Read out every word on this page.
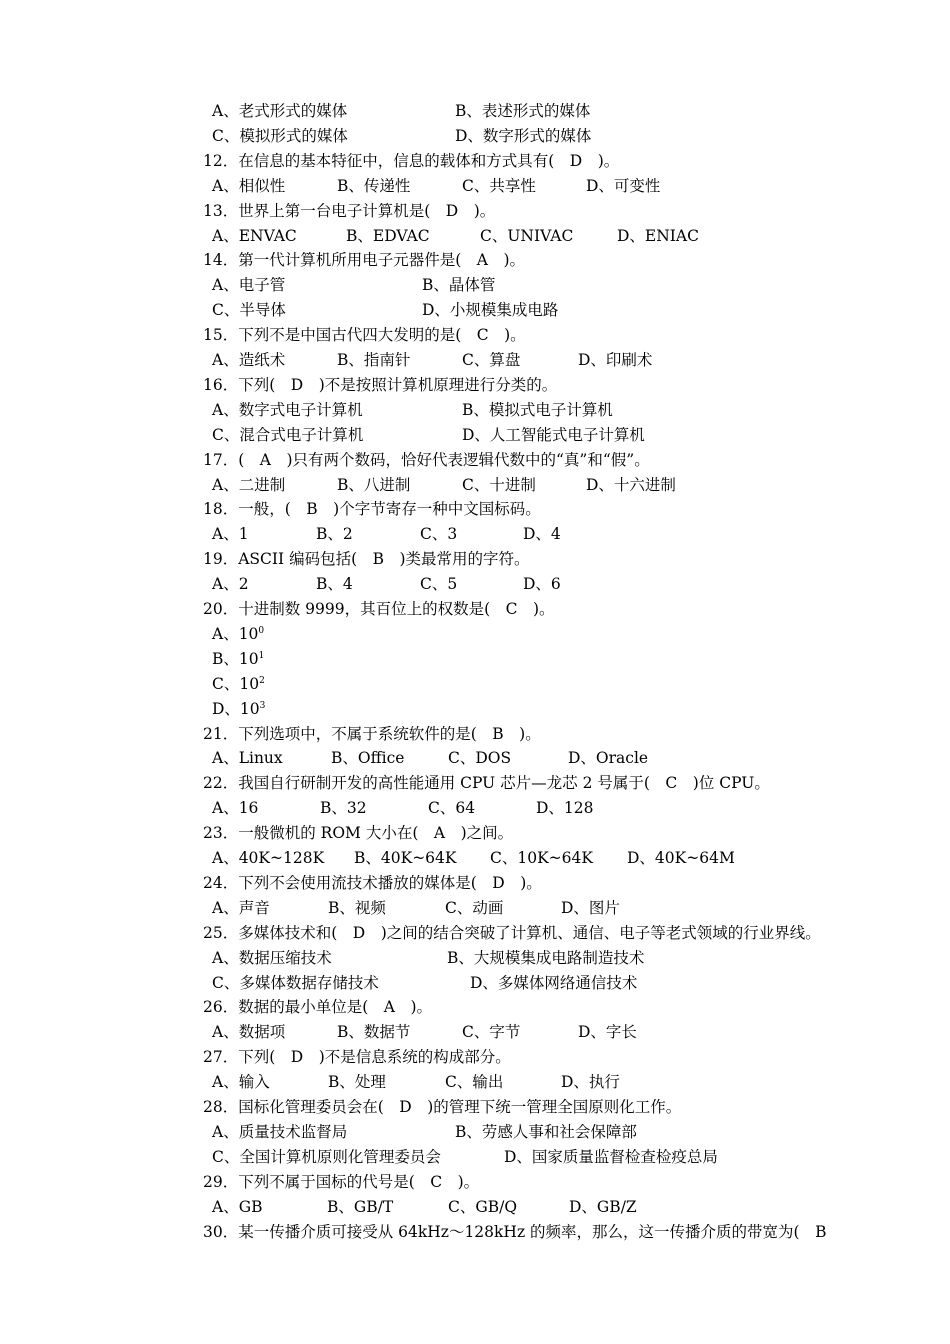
A、老式形式的媒体	B、表述形式的媒体
C、模拟形式的媒体	D、数字形式的媒体
12．在信息的基本特征中，信息的载体和方式具有(　D　)。
A、相似性	B、传递性	C、共享性	D、可变性
13．世界上第一台电子计算机是(　D　)。
A、ENVAC	B、EDVAC	C、UNIVAC	D、ENIAC
14．第一代计算机所用电子元器件是(　A　)。
A、电子管	B、晶体管
C、半导体	D、小规模集成电路
15．下列不是中国古代四大发明的是(　C　)。
A、造纸术	B、指南针	C、算盘	D、印刷术
16．下列(　D　)不是按照计算机原理进行分类的。
A、数字式电子计算机	B、模拟式电子计算机
C、混合式电子计算机	D、人工智能式电子计算机
17．(　A　)只有两个数码，恰好代表逻辑代数中的“真”和“假”。
A、二进制	B、八进制	C、十进制	D、十六进制
18．一般，(　B　)个字节寄存一种中文国标码。
A、1	B、2	C、3	D、4
19．ASCII 编码包括(　B　)类最常用的字符。
A、2	B、4	C、5	D、6
20．十进制数 9999，其百位上的权数是(　C　)。
A、$10^0$
B、$10^1$
C、$10^2$
D、$10^3$
21．下列选项中，不属于系统软件的是(　B　)。
A、Linux	B、Office	C、DOS	D、Oracle
22．我国自行研制开发的高性能通用 CPU 芯片—龙芯 2 号属于(　C　)位 CPU。
A、16	B、32	C、64	D、128
23．一般微机的 ROM 大小在(　A　)之间。
A、40K~128K B、40K~64K C、10K~64K D、40K~64M
24．下列不会使用流技术播放的媒体是(　D　)。
A、声音	B、视频	C、动画	D、图片
25．多媒体技术和(　D　)之间的结合突破了计算机、通信、电子等老式领域的行业界线。
A、数据压缩技术	B、大规模集成电路制造技术
C、多媒体数据存储技术	D、多媒体网络通信技术
26．数据的最小单位是(　A　)。
A、数据项	B、数据节	C、字节	D、字长
27．下列(　D　)不是信息系统的构成部分。
A、输入	B、处理	C、输出	D、执行
28．国标化管理委员会在(　D　)的管理下统一管理全国原则化工作。
A、质量技术监督局	B、劳感人事和社会保障部
C、全国计算机原则化管理委员会	D、国家质量监督检查检疫总局
29．下列不属于国标的代号是(　C　)。
A、GB	B、GB/T	C、GB/Q	D、GB/Z
30．某一传播介质可接受从 64kHz～128kHz 的频率，那么，这一传播介质的带宽为(　B
